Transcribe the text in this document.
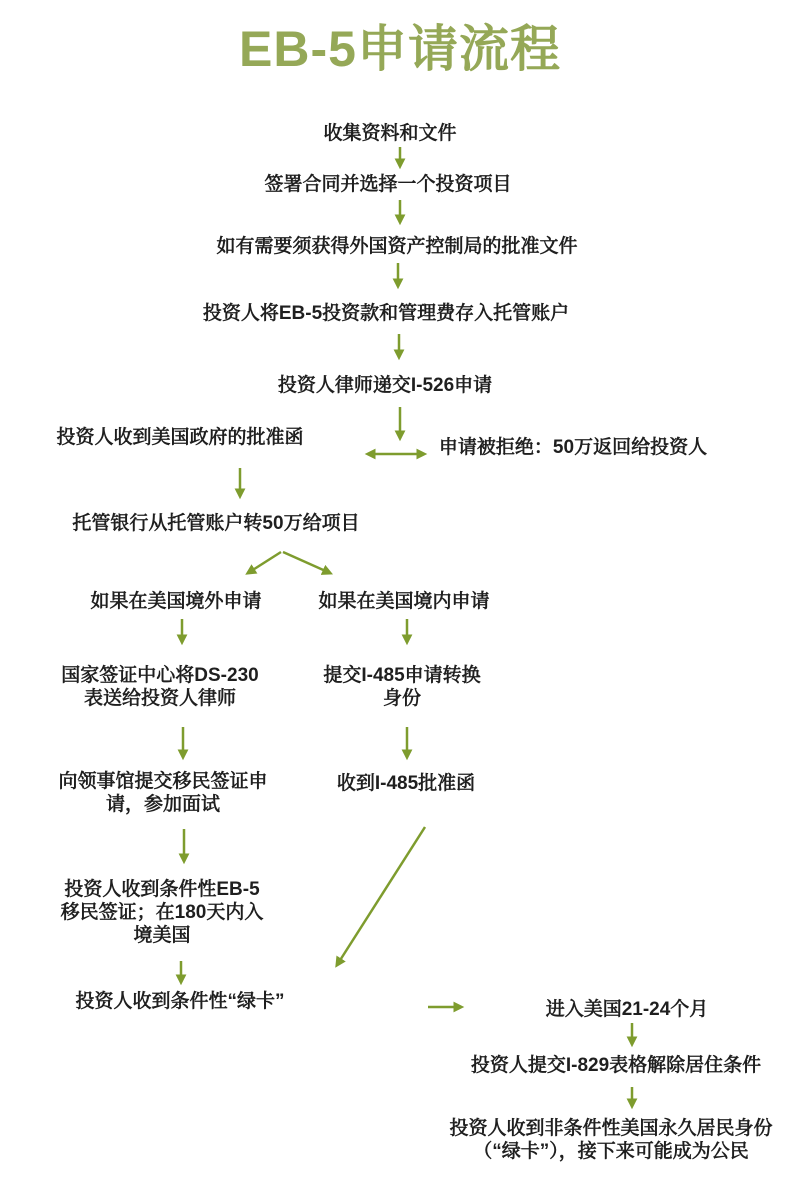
EB-5申请流程
收集资料和文件
签署合同并选择一个投资项目
如有需要须获得外国资产控制局的批准文件
投资人将EB-5投资款和管理费存入托管账户
投资人律师递交I-526申请
投资人收到美国政府的批准函	申请被拒绝：50万返回给投资人
托管银行从托管账户转50万给项目
如果在美国境外申请	如果在美国境内申请
国家签证中心将DS-230
表送给投资人律师
提交I-485申请转换
身份
向领事馆提交移民签证申
请，参加面试
收到I-485批准函
投资人收到条件性EB-5
移民签证；在180天内入
境美国
投资人收到条件性“绿卡”	进入美国21-24个月
投资人提交I-829表格解除居住条件
投资人收到非条件性美国永久居民身份
（“绿卡”），接下来可能成为公民
